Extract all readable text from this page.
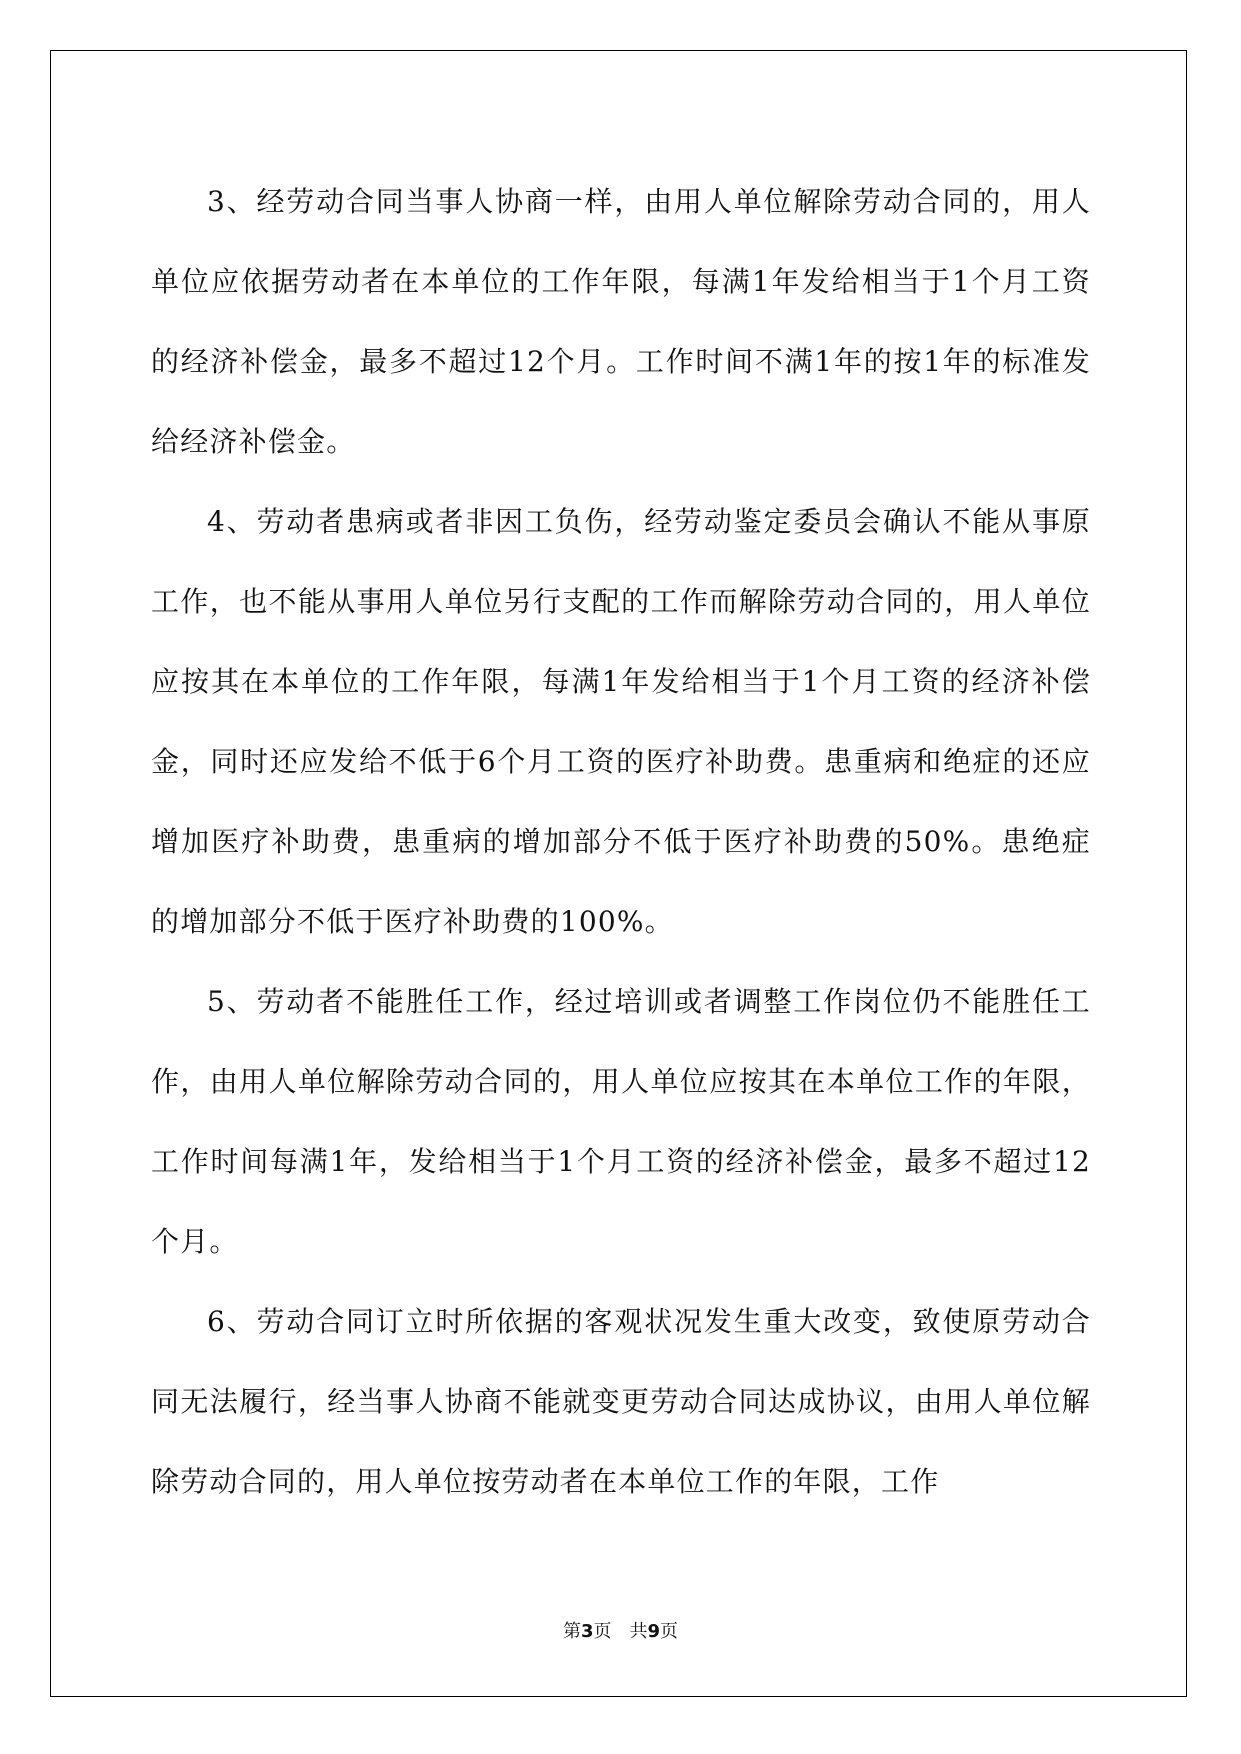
3、经劳动合同当事人协商一样，由用人单位解除劳动合同的，用人单位应依据劳动者在本单位的工作年限，每满1年发给相当于1个月工资的经济补偿金，最多不超过12个月。工作时间不满1年的按1年的标准发给经济补偿金。

4、劳动者患病或者非因工负伤，经劳动鉴定委员会确认不能从事原工作，也不能从事用人单位另行支配的工作而解除劳动合同的，用人单位应按其在本单位的工作年限，每满1年发给相当于1个月工资的经济补偿金，同时还应发给不低于6个月工资的医疗补助费。患重病和绝症的还应增加医疗补助费，患重病的增加部分不低于医疗补助费的50%。患绝症的增加部分不低于医疗补助费的100%。

5、劳动者不能胜任工作，经过培训或者调整工作岗位仍不能胜任工作，由用人单位解除劳动合同的，用人单位应按其在本单位工作的年限，工作时间每满1年，发给相当于1个月工资的经济补偿金，最多不超过12个月。

6、劳动合同订立时所依据的客观状况发生重大改变，致使原劳动合同无法履行，经当事人协商不能就变更劳动合同达成协议，由用人单位解除劳动合同的，用人单位按劳动者在本单位工作的年限，工作

第3页 共9页
